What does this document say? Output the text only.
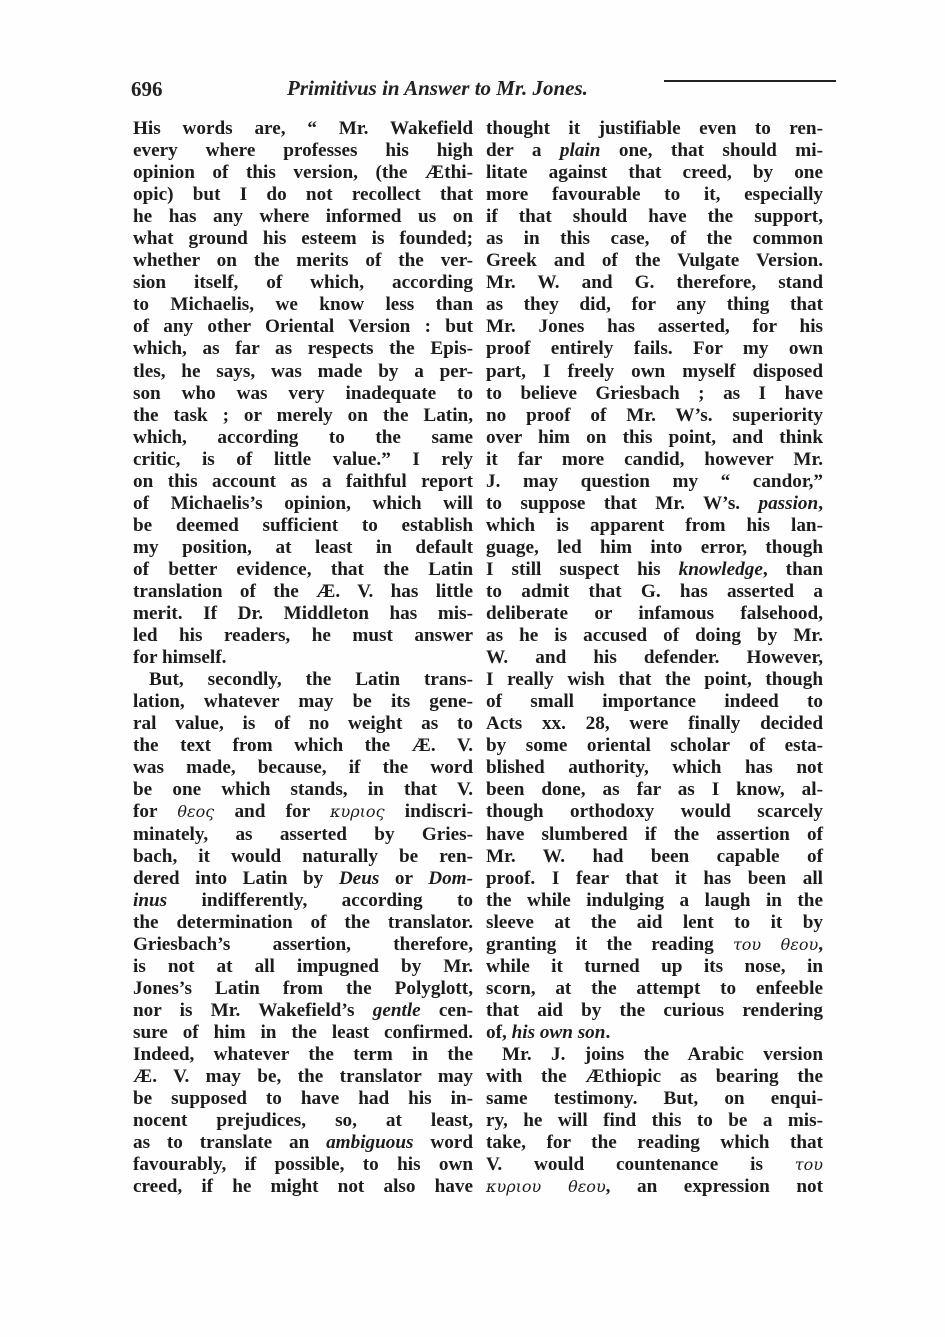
696	Primitivus in Answer to Mr. Jones.
His words are, “ Mr. Wakefield
every where professes his high
opinion of this version, (the Æthi-
opic) but I do not recollect that
he has any where informed us on
what ground his esteem is founded;
whether on the merits of the ver-
sion itself, of which, according
to Michaelis, we know less than
of any other Oriental Version : but
which, as far as respects the Epis-
tles, he says, was made by a per-
son who was very inadequate to
the task ; or merely on the Latin,
which, according to the same
critic, is of little value.” I rely
on this account as a faithful report
of Michaelis’s opinion, which will
be deemed sufficient to establish
my position, at least in default
of better evidence, that the Latin
translation of the Æ. V. has little
merit. If Dr. Middleton has mis-
led his readers, he must answer
for himself.
But, secondly, the Latin trans-
lation, whatever may be its gene-
ral value, is of no weight as to
the text from which the Æ. V.
was made, because, if the word
be one which stands, in that V.
for θεος and for κυριος indiscri-
minately, as asserted by Gries-
bach, it would naturally be ren-
dered into Latin by Deus or Dom-
inus indifferently, according to
the determination of the translator.
Griesbach’s assertion, therefore,
is not at all impugned by Mr.
Jones’s Latin from the Polyglott,
nor is Mr. Wakefield’s gentle cen-
sure of him in the least confirmed.
Indeed, whatever the term in the
Æ. V. may be, the translator may
be supposed to have had his in-
nocent prejudices, so, at least,
as to translate an ambiguous word
favourably, if possible, to his own
creed, if he might not also have
thought it justifiable even to ren-
der a plain one, that should mi-
litate against that creed, by one
more favourable to it, especially
if that should have the support,
as in this case, of the common
Greek and of the Vulgate Version.
Mr. W. and G. therefore, stand
as they did, for any thing that
Mr. Jones has asserted, for his
proof entirely fails. For my own
part, I freely own myself disposed
to believe Griesbach ; as I have
no proof of Mr. W’s. superiority
over him on this point, and think
it far more candid, however Mr.
J. may question my “ candor,”
to suppose that Mr. W’s. passion,
which is apparent from his lan-
guage, led him into error, though
I still suspect his knowledge, than
to admit that G. has asserted a
deliberate or infamous falsehood,
as he is accused of doing by Mr.
W. and his defender. However,
I really wish that the point, though
of small importance indeed to
Acts xx. 28, were finally decided
by some oriental scholar of esta-
blished authority, which has not
been done, as far as I know, al-
though orthodoxy would scarcely
have slumbered if the assertion of
Mr. W. had been capable of
proof. I fear that it has been all
the while indulging a laugh in the
sleeve at the aid lent to it by
granting it the reading του θεου,
while it turned up its nose, in
scorn, at the attempt to enfeeble
that aid by the curious rendering
of, his own son.
Mr. J. joins the Arabic version
with the Æthiopic as bearing the
same testimony. But, on enqui-
ry, he will find this to be a mis-
take, for the reading which that
V. would countenance is του
κυριου θεου, an expression not
